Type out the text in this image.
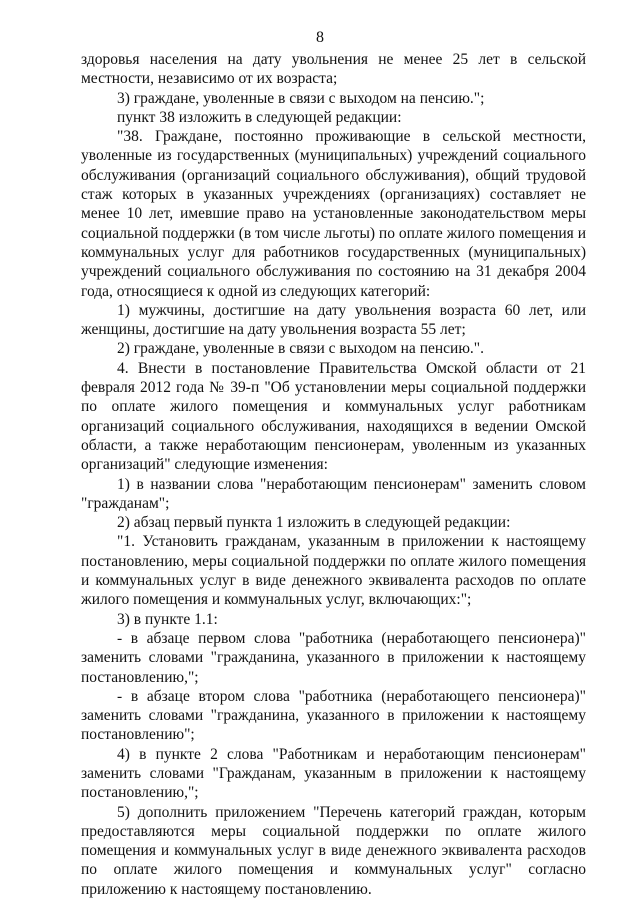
8

здоровья населения на дату увольнения не менее 25 лет в сельской местности, независимо от их возраста;

3) граждане, уволенные в связи с выходом на пенсию.";

пункт 38 изложить в следующей редакции:

"38. Граждане, постоянно проживающие в сельской местности, уволенные из государственных (муниципальных) учреждений социального обслуживания (организаций социального обслуживания), общий трудовой стаж которых в указанных учреждениях (организациях) составляет не менее 10 лет, имевшие право на установленные законодательством меры социальной поддержки (в том числе льготы) по оплате жилого помещения и коммунальных услуг для работников государственных (муниципальных) учреждений социального обслуживания по состоянию на 31 декабря 2004 года, относящиеся к одной из следующих категорий:

1) мужчины, достигшие на дату увольнения возраста 60 лет, или женщины, достигшие на дату увольнения возраста 55 лет;

2) граждане, уволенные в связи с выходом на пенсию.".

4. Внести в постановление Правительства Омской области от 21 февраля 2012 года № 39-п "Об установлении меры социальной поддержки по оплате жилого помещения и коммунальных услуг работникам организаций социального обслуживания, находящихся в ведении Омской области, а также неработающим пенсионерам, уволенным из указанных организаций" следующие изменения:

1) в названии слова "неработающим пенсионерам" заменить словом "гражданам";

2) абзац первый пункта 1 изложить в следующей редакции:

"1. Установить гражданам, указанным в приложении к настоящему постановлению, меры социальной поддержки по оплате жилого помещения и коммунальных услуг в виде денежного эквивалента расходов по оплате жилого помещения и коммунальных услуг, включающих:";

3) в пункте 1.1:

- в абзаце первом слова "работника (неработающего пенсионера)" заменить словами "гражданина, указанного в приложении к настоящему постановлению,";

- в абзаце втором слова "работника (неработающего пенсионера)" заменить словами "гражданина, указанного в приложении к настоящему постановлению";

4) в пункте 2 слова "Работникам и неработающим пенсионерам" заменить словами "Гражданам, указанным в приложении к настоящему постановлению,";

5) дополнить приложением "Перечень категорий граждан, которым предоставляются меры социальной поддержки по оплате жилого помещения и коммунальных услуг в виде денежного эквивалента расходов по оплате жилого помещения и коммунальных услуг" согласно приложению к настоящему постановлению.
